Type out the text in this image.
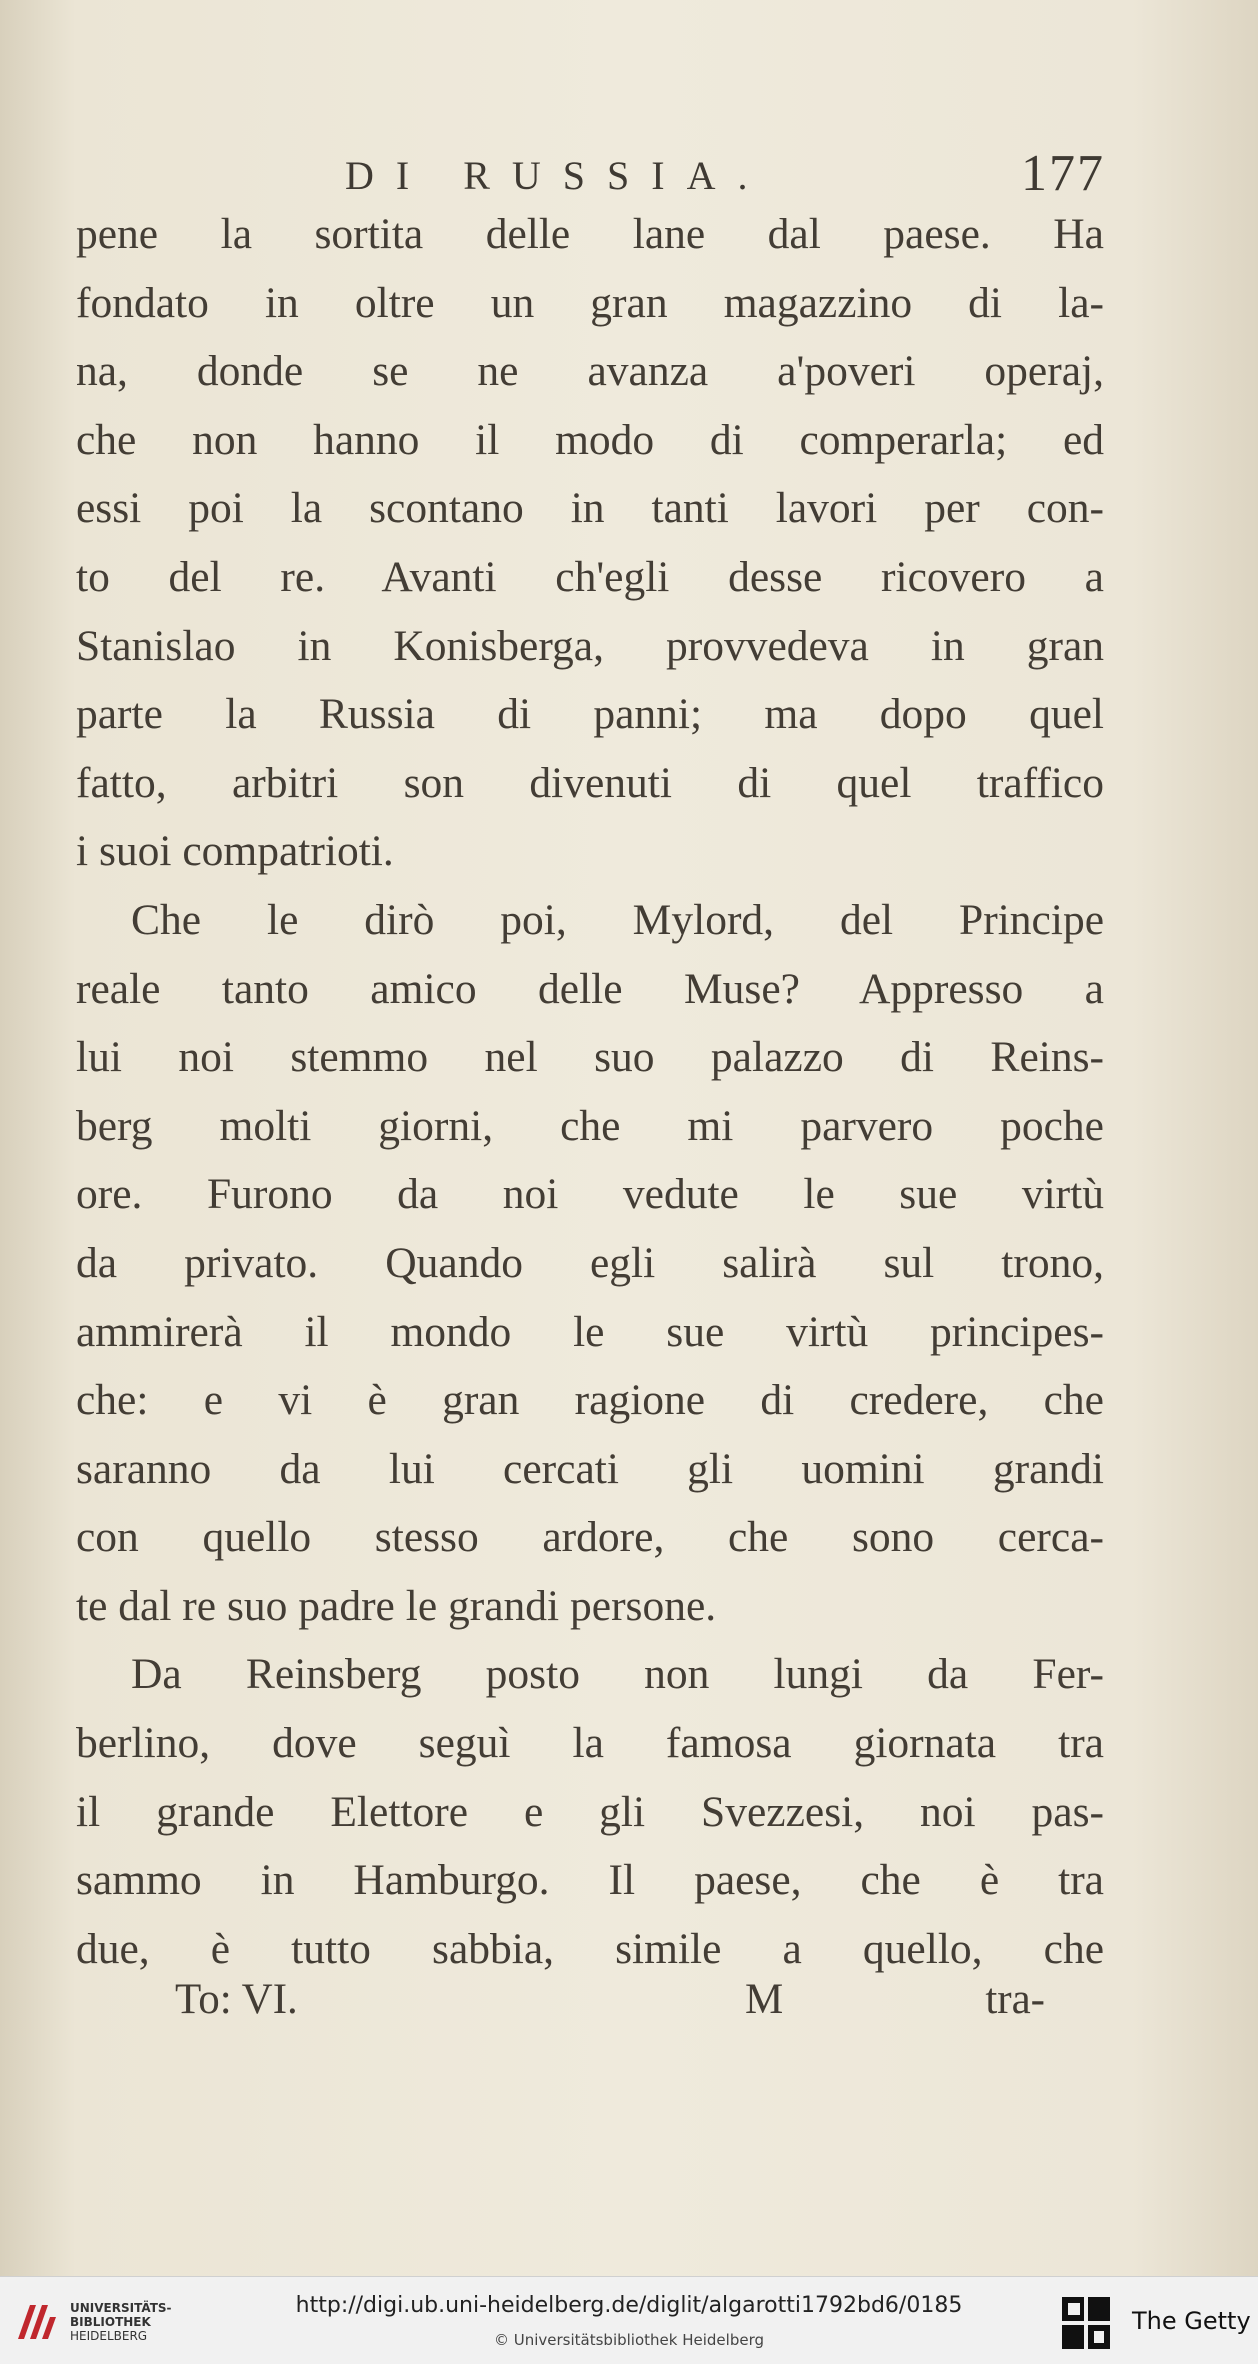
DI RUSSIA.	177
pene la sortita delle lane dal paese. Ha
fondato in oltre un gran magazzino di la-
na, donde se ne avanza a'poveri operaj,
che non hanno il modo di comperarla; ed
essi poi la scontano in tanti lavori per con-
to del re. Avanti ch'egli desse ricovero a
Stanislao in Konisberga, provvedeva in gran
parte la Russia di panni; ma dopo quel
fatto, arbitri son divenuti di quel traffico
i suoi compatrioti.
Che le dirò poi, Mylord, del Principe
reale tanto amico delle Muse? Appresso a
lui noi stemmo nel suo palazzo di Reins-
berg molti giorni, che mi parvero poche
ore. Furono da noi vedute le sue virtù
da privato. Quando egli salirà sul trono,
ammirerà il mondo le sue virtù principes-
che: e vi è gran ragione di credere, che
saranno da lui cercati gli uomini grandi
con quello stesso ardore, che sono cerca-
te dal re suo padre le grandi persone.
Da Reinsberg posto non lungi da Fer-
berlino, dove seguì la famosa giornata tra
il grande Elettore e gli Svezzesi, noi pas-
sammo in Hamburgo. Il paese, che è tra
due, è tutto sabbia, simile a quello, che
To: VI.	M	tra-
UNIVERSITÄTS-
BIBLIOTHEK
HEIDELBERG
http://digi.ub.uni-heidelberg.de/diglit/algarotti1792bd6/0185
© Universitätsbibliothek Heidelberg
The Getty
